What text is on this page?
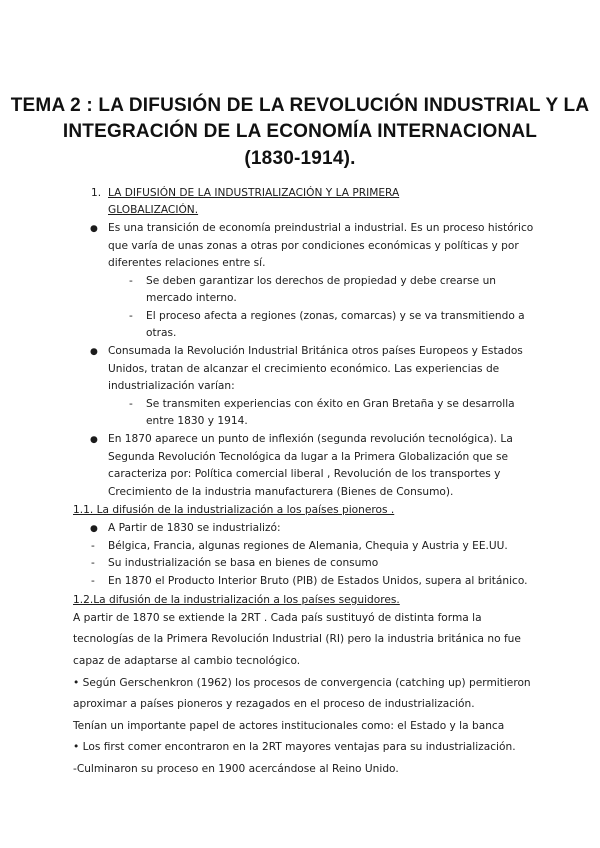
TEMA 2 : LA DIFUSIÓN DE LA REVOLUCIÓN INDUSTRIAL Y LA
INTEGRACIÓN DE LA ECONOMÍA INTERNACIONAL
(1830-1914).
1. LA DIFUSIÓN DE LA INDUSTRIALIZACIÓN Y LA PRIMERA
GLOBALIZACIÓN.
● Es una transición de economía preindustrial a industrial. Es un proceso histórico
que varía de unas zonas a otras por condiciones económicas y políticas y por
diferentes relaciones entre sí.
- Se deben garantizar los derechos de propiedad y debe crearse un
mercado interno.
- El proceso afecta a regiones (zonas, comarcas) y se va transmitiendo a
otras.
● Consumada la Revolución Industrial Británica otros países Europeos y Estados
Unidos, tratan de alcanzar el crecimiento económico. Las experiencias de
industrialización varían:
- Se transmiten experiencias con éxito en Gran Bretaña y se desarrolla
entre 1830 y 1914.
● En 1870 aparece un punto de inflexión (segunda revolución tecnológica). La
Segunda Revolución Tecnológica da lugar a la Primera Globalización que se
caracteriza por: Política comercial liberal , Revolución de los transportes y
Crecimiento de la industria manufacturera (Bienes de Consumo).
1.1. La difusión de la industrialización a los países pioneros .
● A Partir de 1830 se industrializó:
- Bélgica, Francia, algunas regiones de Alemania, Chequia y Austria y EE.UU.
- Su industrialización se basa en bienes de consumo
- En 1870 el Producto Interior Bruto (PIB) de Estados Unidos, supera al británico.
1.2.La difusión de la industrialización a los países seguidores.
A partir de 1870 se extiende la 2RT . Cada país sustituyó de distinta forma la
tecnologías de la Primera Revolución Industrial (RI) pero la industria británica no fue
capaz de adaptarse al cambio tecnológico.
• Según Gerschenkron (1962) los procesos de convergencia (catching up) permitieron
aproximar a países pioneros y rezagados en el proceso de industrialización.
Tenían un importante papel de actores institucionales como: el Estado y la banca
• Los first comer encontraron en la 2RT mayores ventajas para su industrialización.
-Culminaron su proceso en 1900 acercándose al Reino Unido.
